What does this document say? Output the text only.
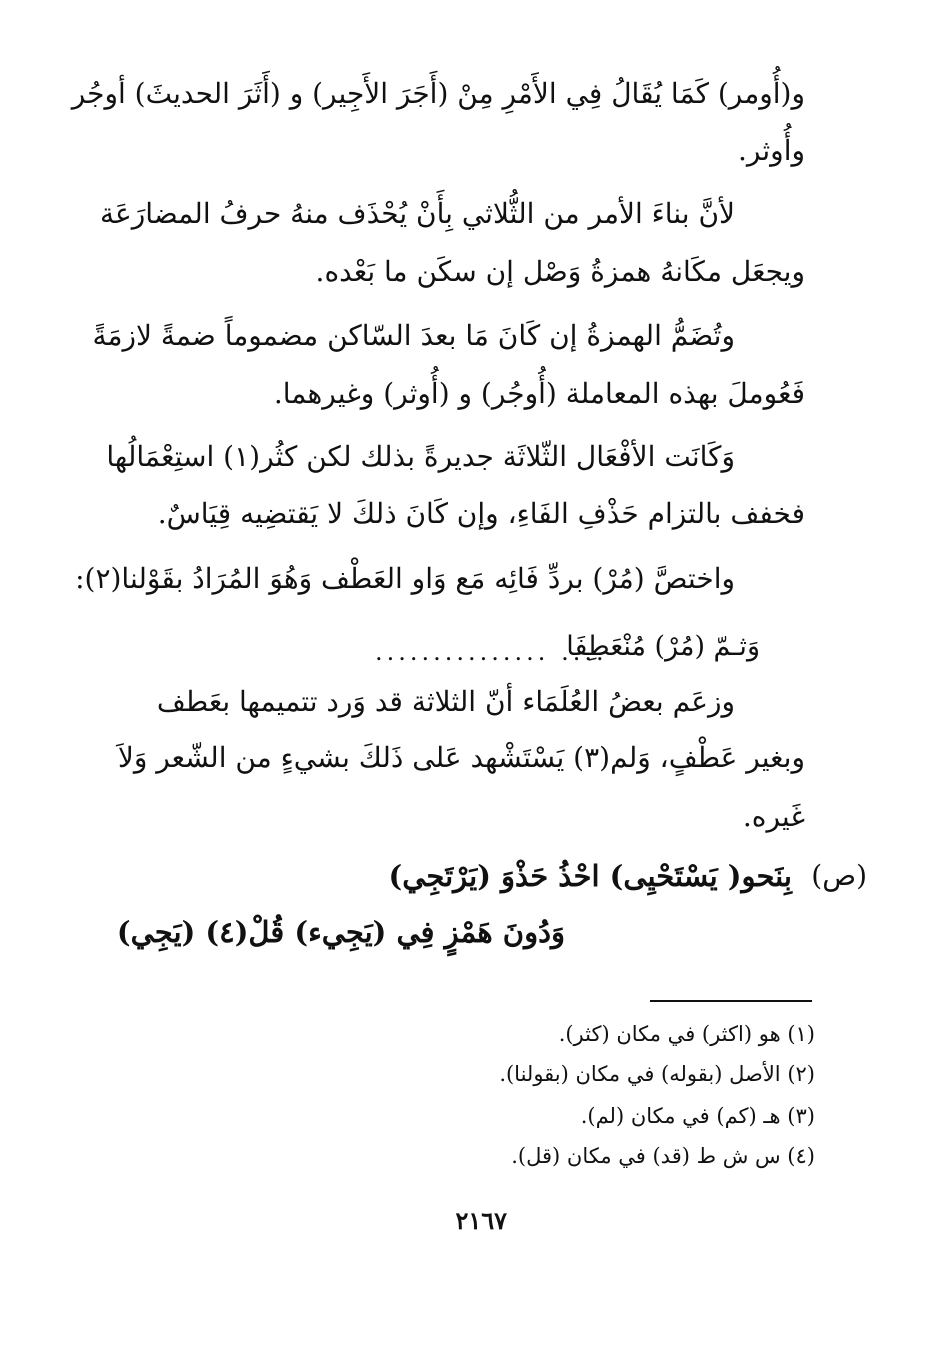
و(أُومر) كَمَا يُقَالُ فِي الأَمْرِ مِنْ (أَجَرَ الأَجِير) و (أَثَرَ الحديثَ) أوجُر
وأُوثر.
لأنَّ بناءَ الأمر من الثُّلاثي بِأَنْ يُحْذَف منهُ حرفُ المضارَعَة
ويجعَل مكَانهُ همزةُ وَصْل إن سكَن ما بَعْده.
وتُضَمُّ الهمزةُ إن كَانَ مَا بعدَ السّاكن مضموماً ضمةً لازمَةً
فَعُوملَ بهذه المعاملة (أُوجُر) و (أُوثر) وغيرهما.
وَكَانَت الأفْعَال الثّلاثَة جديرةً بذلك لكن كثُر(١) استِعْمَالُها
فخفف بالتزام حَذْفِ الفَاءِ، وإن كَانَ ذلكَ لا يَقتضِيه قِيَاسٌ.
واختصَّ (مُرْ) بردِّ فَائِه مَع وَاو العَطْف وَهُوَ المُرَادُ بقَوْلنا(٢):
وَثـمّ (مُرْ) مُنْعَطِفَا
............... ....
وزعَم بعضُ العُلَمَاء أنّ الثلاثة قد وَرد تتميمها بعَطف
وبغير عَطْفٍ، وَلم(٣) يَسْتَشْهد عَلى ذَلكَ بشيءٍ من الشّعر وَلاَ
غَيره.
(ص)
بِنَحو( يَسْتَحْيِى) احْذُ حَذْوَ (يَرْتَجِي)
وَدُونَ هَمْزٍ فِي (يَجِيء) قُلْ(٤) (يَجِي)
(١) هو (اكثر) في مكان (كثر).
(٢) الأصل (بقوله) في مكان (بقولنا).
(٣) هـ (كم) في مكان (لم).
(٤) س ش ط (قد) في مكان (قل).
٢١٦٧
